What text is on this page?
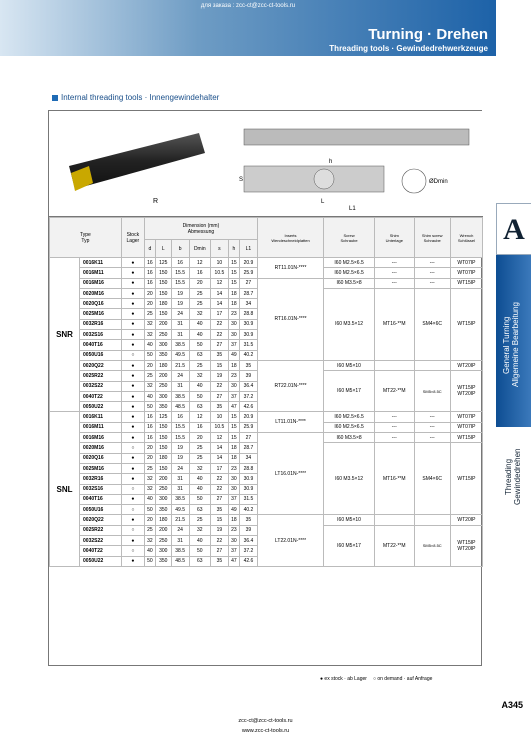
для заказа : zcc-ct@zcc-ct-tools.ru
Turning · Drehen
Threading tools · Gewindedrehwerkzeuge
A
General Turning
Allgemeine Bearbeitung
Threading
Gewindedrehen
Internal threading tools · Innengewindehalter
R
h
S
L
L1
ØDmin
Type
Typ		Stock
Lager	Dimension (mm)
Abmessung							Inserts
Wendeschneidplatten	Screw
Schraube	Shim
Unterlage	Shim screw
Schraube	Wrench
Schlüssel
			d	L	b	Dmin	s	h	L1					
SNR	0016K11	●	16	125	16	12	10	15	20.9	RT11.01N-****	I60 M2.5×6.5	---	---	WT07IP
	0016M11	●	16	150	15.5	16	10.5	15	25.9		I60 M2.5×6.5	---	---	WT07IP
	0016M16	●	16	150	15.5	20	12	15	27	RT16.01N-****	I60 M3.5×8	---	---	WT15IP
	0020M16	●	20	150	19	25	14	18	28.7		I60 M3.5×12	MT16-**M	SM4×6C	WT15IP
	0020Q16	●	20	180	19	25	14	18	34					
	0025M16	●	25	150	24	32	17	23	28.8					
	0032R16	●	32	200	31	40	22	30	30.9					
	0032S16	●	32	250	31	40	22	30	30.9					
	0040T16	●	40	300	38.5	50	27	37	31.5					
	0050U16	○	50	350	49.5	63	35	49	40.2					
	0020Q22	●	20	180	21.5	25	15	18	35	RT22.01N-****	I60 M5×10			WT20IP
	0025R22	●	25	200	24	32	19	23	39		I60 M5×17	MT22-**M	SM5×8.5C	WT15IP
WT20IP
	0032S22	●	32	250	31	40	22	30	36.4					
	0040T22	●	40	300	38.5	50	27	37	37.2					
	0050U22	●	50	350	48.5	63	35	47	42.6					
SNL	0016K11	●	16	125	16	12	10	15	20.9	LT11.01N-****	I60 M2.5×6.5	---	---	WT07IP
	0016M11	●	16	150	15.5	16	10.5	15	25.9		I60 M2.5×6.5	---	---	WT07IP
	0016M16	●	16	150	15.5	20	12	15	27	LT16.01N-****	I60 M3.5×8	---	---	WT15IP
	0020M16	○	20	150	19	25	14	18	28.7		I60 M3.5×12	MT16-**M	SM4×6C	WT15IP
	0020Q16	●	20	180	19	25	14	18	34					
	0025M16	●	25	150	24	32	17	23	28.8					
	0032R16	●	32	200	31	40	22	30	30.9					
	0032S16	○	32	250	31	40	22	30	30.9					
	0040T16	●	40	300	38.5	50	27	37	31.5					
	0050U16	○	50	350	49.5	63	35	49	40.2					
	0020Q22	●	20	180	21.5	25	15	18	35	LT22.01N-****	I60 M5×10			WT20IP
	0025R22	○	25	200	24	32	19	23	39		I60 M5×17	MT22-**M	SM5×8.5C	WT15IP
WT20IP
	0032S22	●	32	250	31	40	22	30	36.4					
	0040T22	○	40	300	38.5	50	27	37	37.2					
	0050U22	●	50	350	48.5	63	35	47	42.6					
● ex stock · ab Lager ○ on demand · auf Anfrage
A345
zcc-ct@zcc-ct-tools.ru
www.zcc-ct-tools.ru
